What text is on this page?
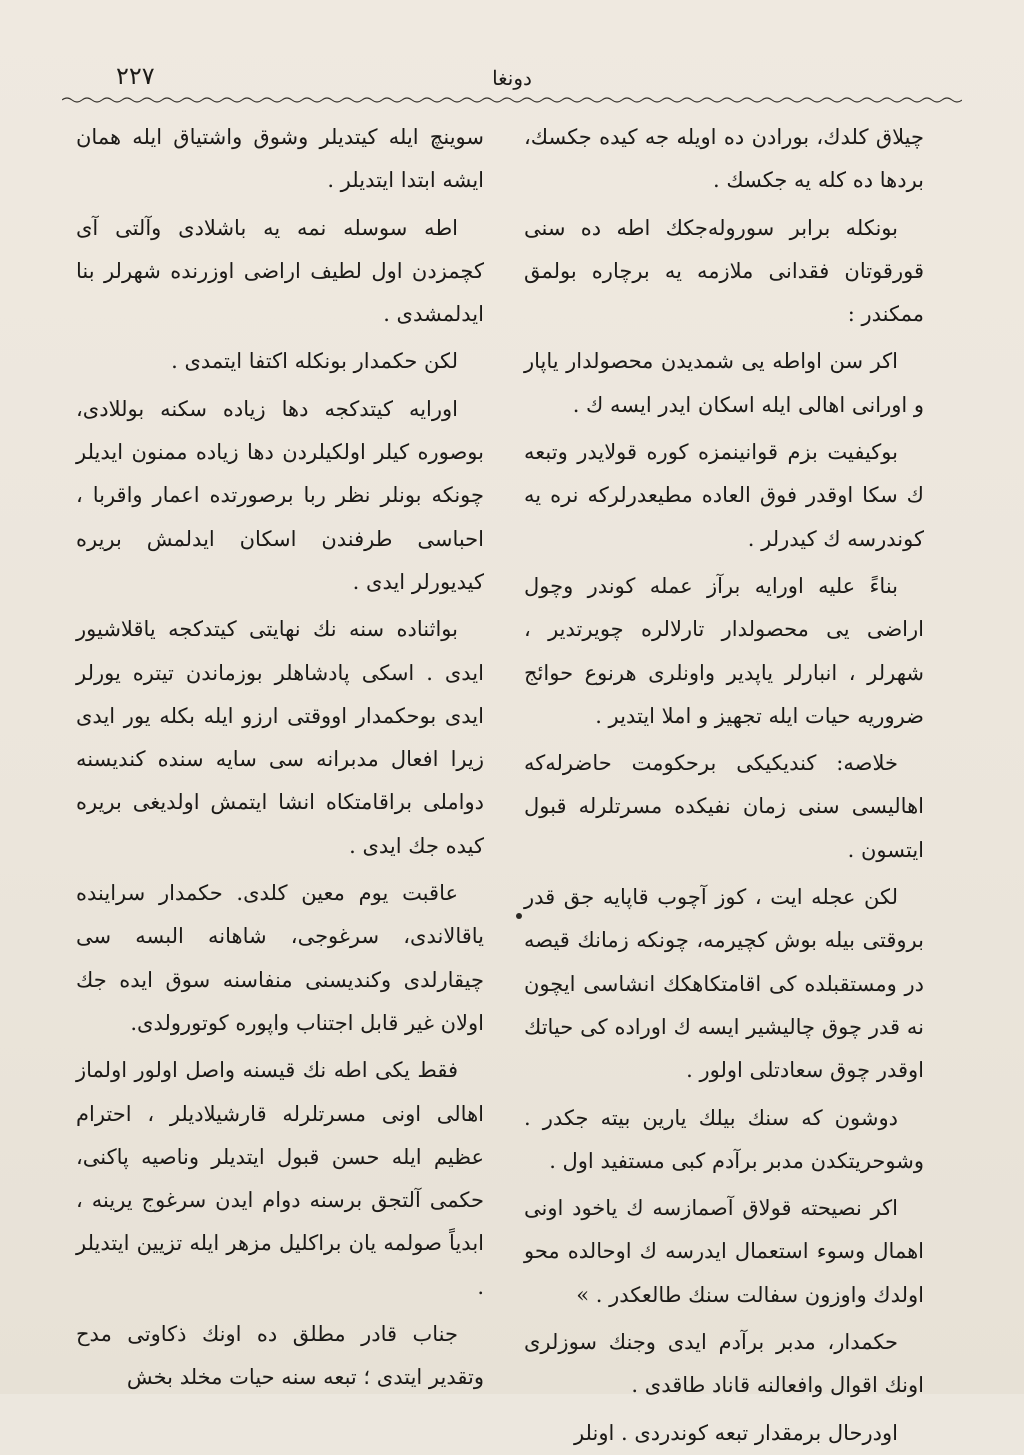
۲۲۷	دونغا

چیلاق کلدك، بورادن ده اویله جه کیده جکسك، بردها ده کله یه جکسك .

بونکله برابر سورولەجکك اطه ده سنی قورقوتان فقدانی ملازمه یه برچاره بولمق ممکندر :

اکر سن اواطه یی شمدیدن محصولدار یاپار و اورانی اهالی ایله اسکان ایدر ایسه ك .

بوکیفیت بزم قوانینمزه کوره قولایدر وتبعه ك سکا اوقدر فوق العاده مطیعدرلرکه نره یه کوندرسه ك کیدرلر .

بناءً علیه اورایه برآز عمله کوندر وچول اراضی یی محصولدار تارلالره چویرتدیر ، شهرلر ، انبارلر یاپدیر واونلری هرنوع حوائج ضروریه حیات ایله تجهیز و املا ایتدیر .

خلاصه: کندیکیکی برحکومت حاضرلەکه اهالیسی سنی زمان نفیکده مسرتلرله قبول ایتسون .

لکن عجله ایت ، کوز آچوب قاپایه جق قدر بروقتی بیله بوش کچیرمه، چونکه زمانك قیصه در ومستقبلده کی اقامتکاهکك انشاسی ایچون نه قدر چوق چالیشیر ایسه ك اوراده کی حیاتك اوقدر چوق سعادتلی اولور .

دوشون که سنك بیلك یارین بیته جکدر . وشوحریتکدن مدبر برآدم کبی مستفید اول .

اکر نصیحته قولاق آصمازسه ك یاخود اونی اهمال وسوء استعمال ایدرسه ك اوحالده محو اولدك واوزون سفالت سنك طالعکدر . »

حکمدار، مدبر برآدم ایدی وجنك سوزلری اونك اقوال وافعالنه قاناد طاقدی .

اودرحال برمقدار تبعه کوندردی . اونلر

سوینچ ایله کیتدیلر وشوق واشتیاق ایله همان ایشه ابتدا ایتدیلر .

اطه سوسله نمه یه باشلادی وآلتی آی کچمزدن اول لطیف اراضی اوزرنده شهرلر بنا ایدلمشدی .

لکن حکمدار بونکله اکتفا ایتمدی .

اورایه کیتدکجه دها زیاده سکنه بوللادی، بوصوره کیلر اولکیلردن دها زیاده ممنون ایدیلر چونکه بونلر نظر ربا برصورتده اعمار واقربا ، احباسی طرفندن اسکان ایدلمش بریره کیدیورلر ایدی .

بواثناده سنه نك نهایتی کیتدکجه یاقلاشیور ایدی . اسکی پادشاهلر بوزماندن تیتره یورلر ایدی بوحکمدار اووقتی ارزو ایله بکله یور ایدی زیرا افعال مدبرانه سی سایه سنده کندیسنه دواملی براقامتکاه انشا ایتمش اولدیغی بریره کیده جك ایدی .

عاقبت یوم معین کلدی. حکمدار سراینده یاقالاندی، سرغوجی، شاهانه البسه سی چیقارلدی وکندیسنی منفاسنه سوق ایده جك اولان غیر قابل اجتناب واپوره کوتورولدی.

فقط یکی اطه نك قیسنه واصل اولور اولماز اهالی اونی مسرتلرله قارشیلادیلر ، احترام عظیم ایله حسن قبول ایتدیلر وناصیه پاکنی، حکمی آلتجق برسنه دوام ایدن سرغوج یرینه ، ابدیاً صولمه یان براکلیل مزهر ایله تزیین ایتدیلر .

جناب قادر مطلق ده اونك ذکاوتی مدح وتقدیر ایتدی ؛ تبعه سنه حیات مخلد بخش
